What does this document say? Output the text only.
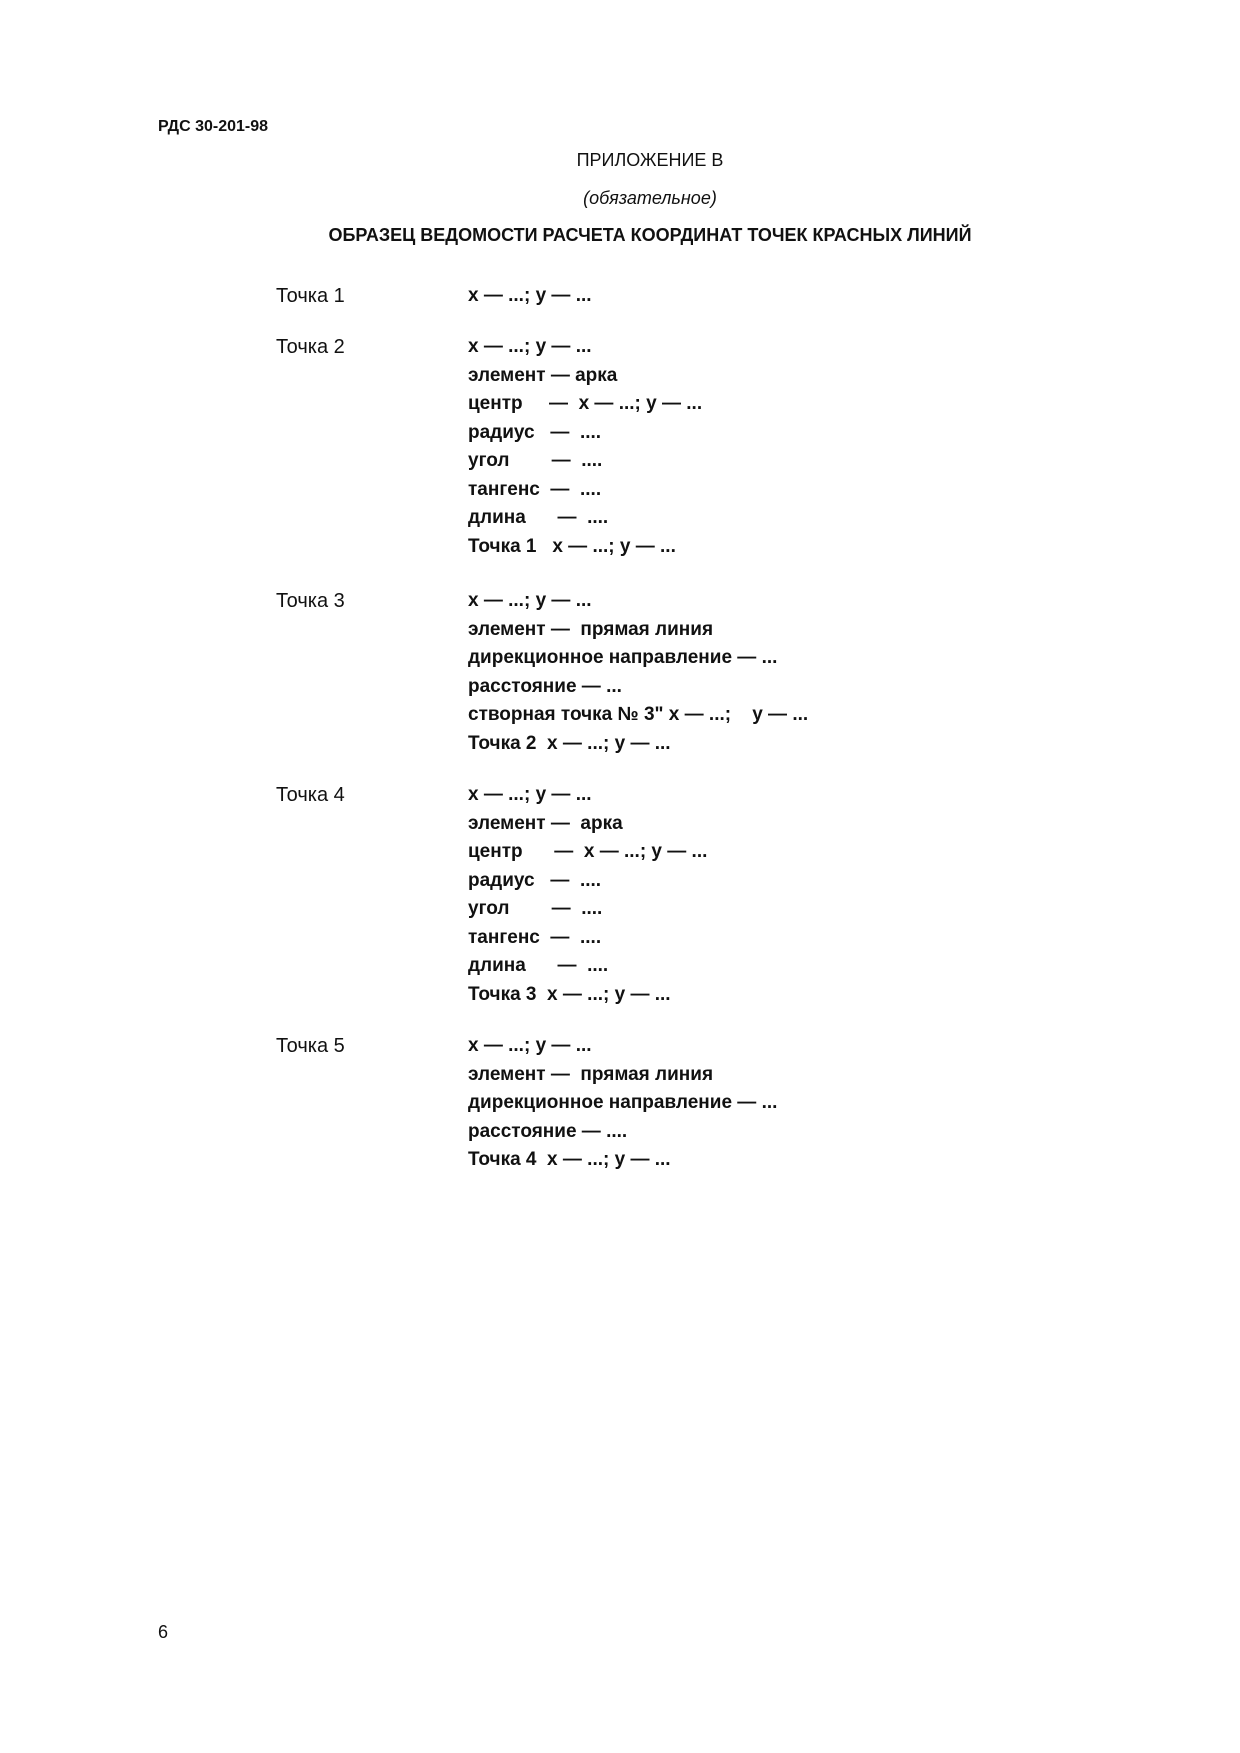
РДС 30-201-98
ПРИЛОЖЕНИЕ В
(обязательное)
ОБРАЗЕЦ ВЕДОМОСТИ РАСЧЕТА КООРДИНАТ ТОЧЕК КРАСНЫХ ЛИНИЙ
Точка 1	x — ...; y — ...
Точка 2	x — ...; y — ...
элемент — арка
центр     —  x — ...; y — ...
радиус   —  ....
угол        —  ....
тангенс  —  ....
длина      —  ....
Точка 1   x — ...; y — ...
Точка 3	x — ...; y — ...
элемент —  прямая линия
дирекционное направление — ...
расстояние — ...
створная точка № 3" x — ...;    y — ...
Точка 2  x — ...; y — ...
Точка 4	x — ...; y — ...
элемент —  арка
центр      —  x — ...; y — ...
радиус   —  ....
угол        —  ....
тангенс  —  ....
длина      —  ....
Точка 3  x — ...; y — ...
Точка 5	x — ...; y — ...
элемент —  прямая линия
дирекционное направление — ...
расстояние — ....
Точка 4  x — ...; y — ...
6
